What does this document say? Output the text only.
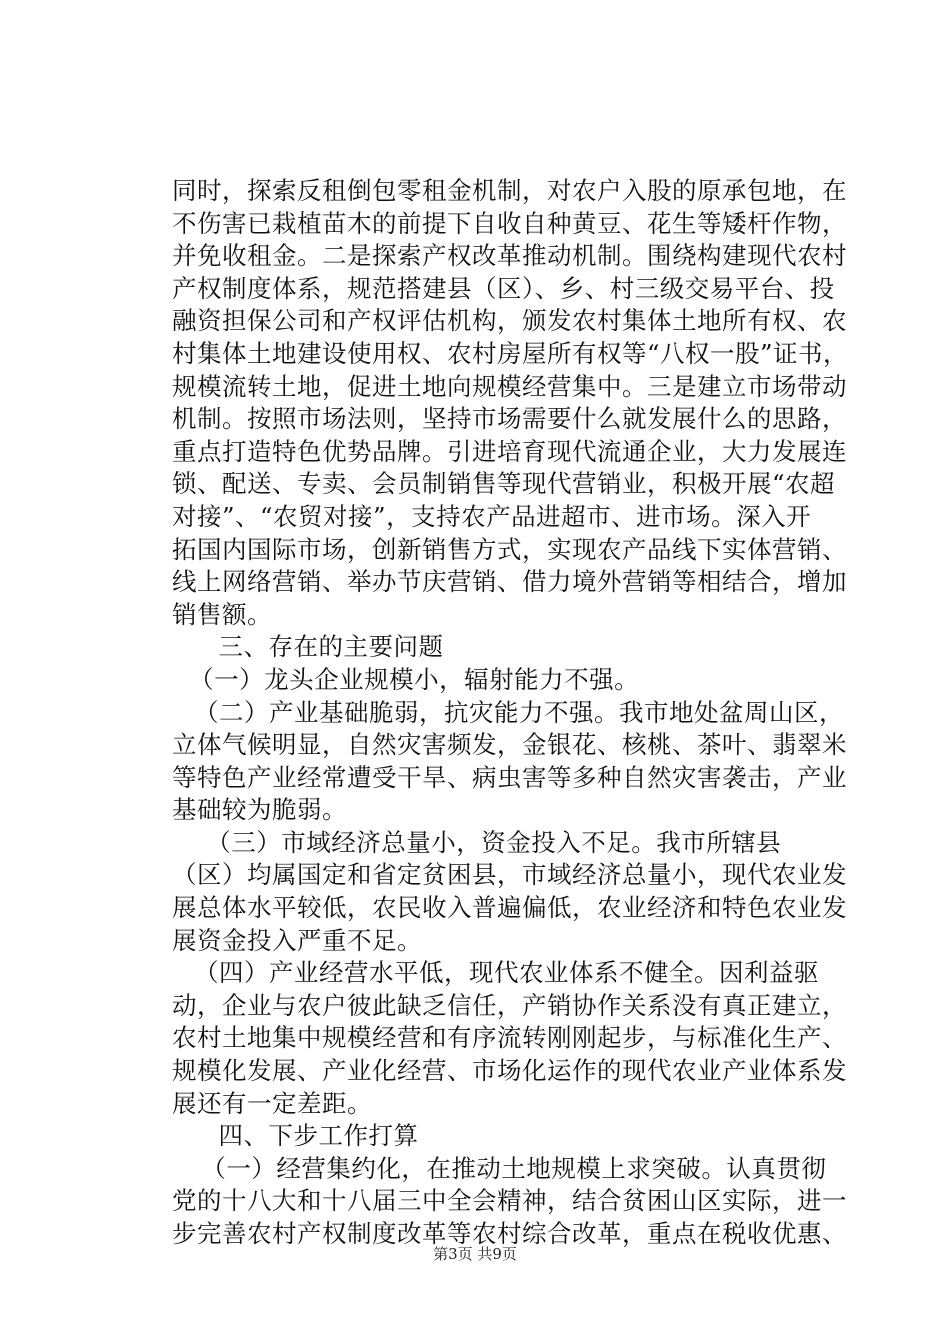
同时，探索反租倒包零租金机制，对农户入股的原承包地，在
不伤害已栽植苗木的前提下自收自种黄豆、花生等矮杆作物，
并免收租金。二是探索产权改革推动机制。围绕构建现代农村
产权制度体系，规范搭建县（区）、乡、村三级交易平台、投
融资担保公司和产权评估机构，颁发农村集体土地所有权、农
村集体土地建设使用权、农村房屋所有权等“八权一股”证书，
规模流转土地，促进土地向规模经营集中。三是建立市场带动
机制。按照市场法则，坚持市场需要什么就发展什么的思路，
重点打造特色优势品牌。引进培育现代流通企业，大力发展连
锁、配送、专卖、会员制销售等现代营销业，积极开展“农超
对接”、“农贸对接”，支持农产品进超市、进市场。深入开
拓国内国际市场，创新销售方式，实现农产品线下实体营销、
线上网络营销、举办节庆营销、借力境外营销等相结合，增加
销售额。
三、存在的主要问题
（一）龙头企业规模小，辐射能力不强。
（二）产业基础脆弱，抗灾能力不强。我市地处盆周山区，
立体气候明显，自然灾害频发，金银花、核桃、茶叶、翡翠米
等特色产业经常遭受干旱、病虫害等多种自然灾害袭击，产业
基础较为脆弱。
（三）市域经济总量小，资金投入不足。我市所辖县
（区）均属国定和省定贫困县，市域经济总量小，现代农业发
展总体水平较低，农民收入普遍偏低，农业经济和特色农业发
展资金投入严重不足。
（四）产业经营水平低，现代农业体系不健全。因利益驱
动，企业与农户彼此缺乏信任，产销协作关系没有真正建立，
农村土地集中规模经营和有序流转刚刚起步，与标准化生产、
规模化发展、产业化经营、市场化运作的现代农业产业体系发
展还有一定差距。
四、下步工作打算
（一）经营集约化，在推动土地规模上求突破。认真贯彻
党的十八大和十八届三中全会精神，结合贫困山区实际，进一
步完善农村产权制度改革等农村综合改革，重点在税收优惠、
第3页 共9页
